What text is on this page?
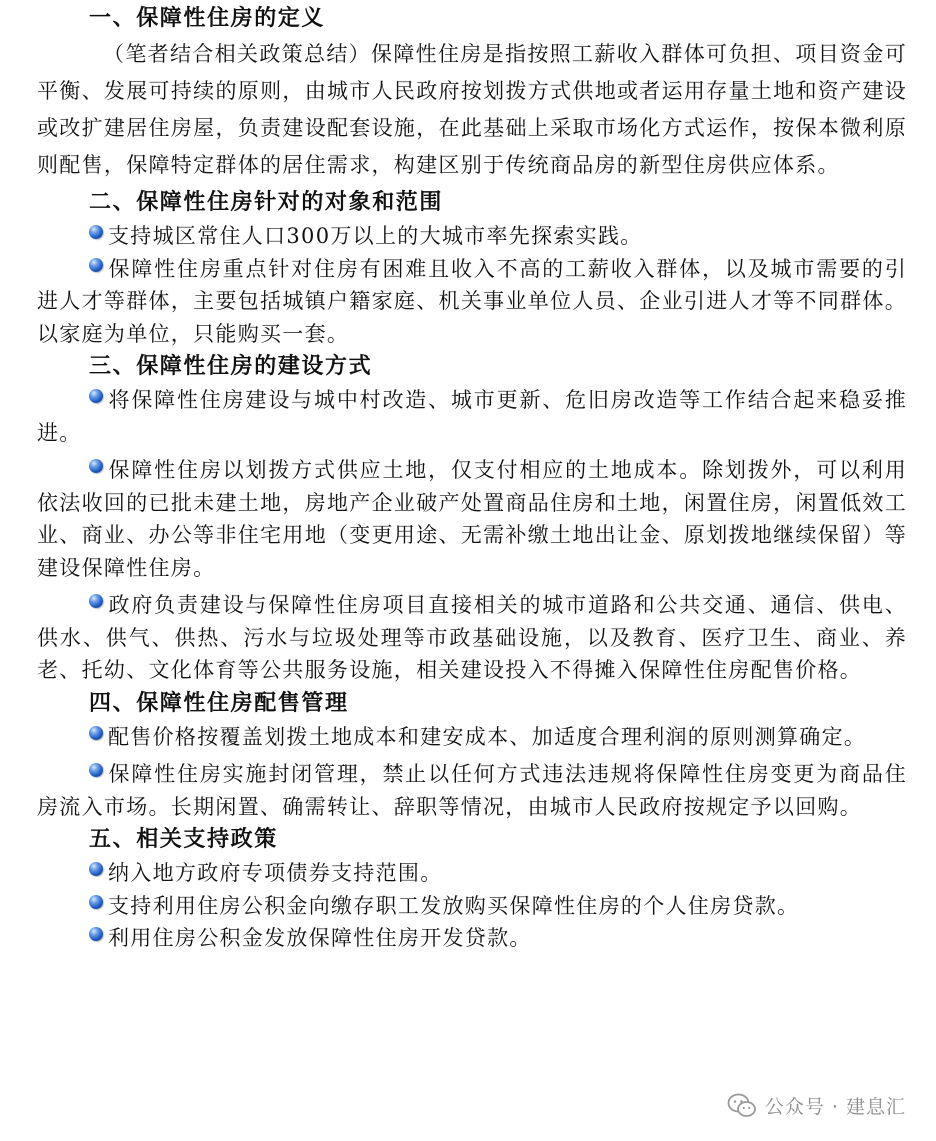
一、保障性住房的定义

（笔者结合相关政策总结）保障性住房是指按照工薪收入群体可负担、项目资金可平衡、发展可持续的原则，由城市人民政府按划拨方式供地或者运用存量土地和资产建设或改扩建居住房屋，负责建设配套设施，在此基础上采取市场化方式运作，按保本微利原则配售，保障特定群体的居住需求，构建区别于传统商品房的新型住房供应体系。

二、保障性住房针对的对象和范围

支持城区常住人口300万以上的大城市率先探索实践。

保障性住房重点针对住房有困难且收入不高的工薪收入群体，以及城市需要的引进人才等群体，主要包括城镇户籍家庭、机关事业单位人员、企业引进人才等不同群体。以家庭为单位，只能购买一套。

三、保障性住房的建设方式

将保障性住房建设与城中村改造、城市更新、危旧房改造等工作结合起来稳妥推进。

保障性住房以划拨方式供应土地，仅支付相应的土地成本。除划拨外，可以利用依法收回的已批未建土地，房地产企业破产处置商品住房和土地，闲置住房，闲置低效工业、商业、办公等非住宅用地（变更用途、无需补缴土地出让金、原划拨地继续保留）等建设保障性住房。

政府负责建设与保障性住房项目直接相关的城市道路和公共交通、通信、供电、供水、供气、供热、污水与垃圾处理等市政基础设施，以及教育、医疗卫生、商业、养老、托幼、文化体育等公共服务设施，相关建设投入不得摊入保障性住房配售价格。

四、保障性住房配售管理

配售价格按覆盖划拨土地成本和建安成本、加适度合理利润的原则测算确定。

保障性住房实施封闭管理，禁止以任何方式违法违规将保障性住房变更为商品住房流入市场。长期闲置、确需转让、辞职等情况，由城市人民政府按规定予以回购。

五、相关支持政策

纳入地方政府专项债券支持范围。

支持利用住房公积金向缴存职工发放购买保障性住房的个人住房贷款。

利用住房公积金发放保障性住房开发贷款。

公众号 · 建息汇
